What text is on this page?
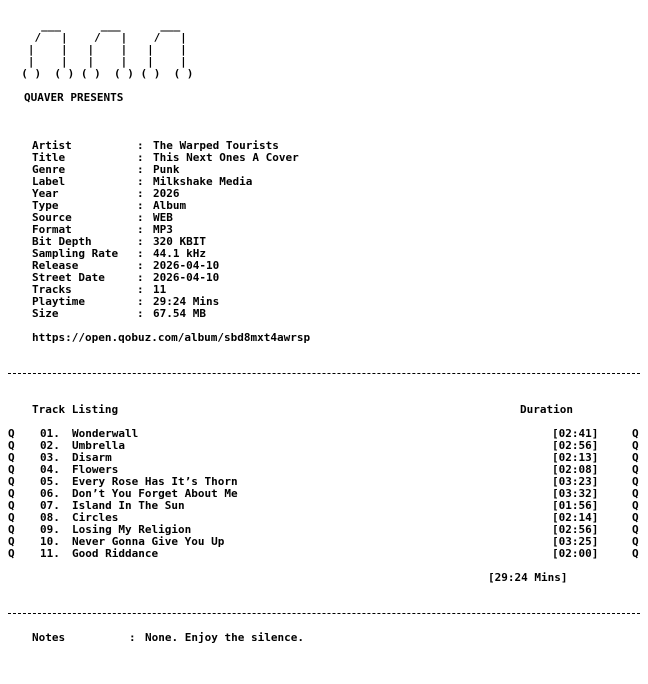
___      ___      ___
/   |    /   |    /   |
|    |   |    |   |    |
|    |   |    |   |    |
( )  ( ) ( )  ( ) ( )  ( )
QUAVER PRESENTS
Artist	: The Warped Tourists
Title	: This Next Ones A Cover
Genre	: Punk
Label	: Milkshake Media
Year	: 2026
Type	: Album
Source	: WEB
Format	: MP3
Bit Depth	: 320 KBIT
Sampling Rate	: 44.1 kHz
Release	: 2026-04-10
Street Date	: 2026-04-10
Tracks	: 11
Playtime	: 29:24 Mins
Size	: 67.54 MB
https://open.qobuz.com/album/sbd8mxt4awrsp
Track Listing	Duration
Q	01.	Wonderwall	[02:41]	Q
Q	02.	Umbrella	[02:56]	Q
Q	03.	Disarm	[02:13]	Q
Q	04.	Flowers	[02:08]	Q
Q	05.	Every Rose Has It’s Thorn	[03:23]	Q
Q	06.	Don’t You Forget About Me	[03:32]	Q
Q	07.	Island In The Sun	[01:56]	Q
Q	08.	Circles	[02:14]	Q
Q	09.	Losing My Religion	[02:56]	Q
Q	10.	Never Gonna Give You Up	[03:25]	Q
Q	11.	Good Riddance	[02:00]	Q
[29:24 Mins]
Notes	: None. Enjoy the silence.
